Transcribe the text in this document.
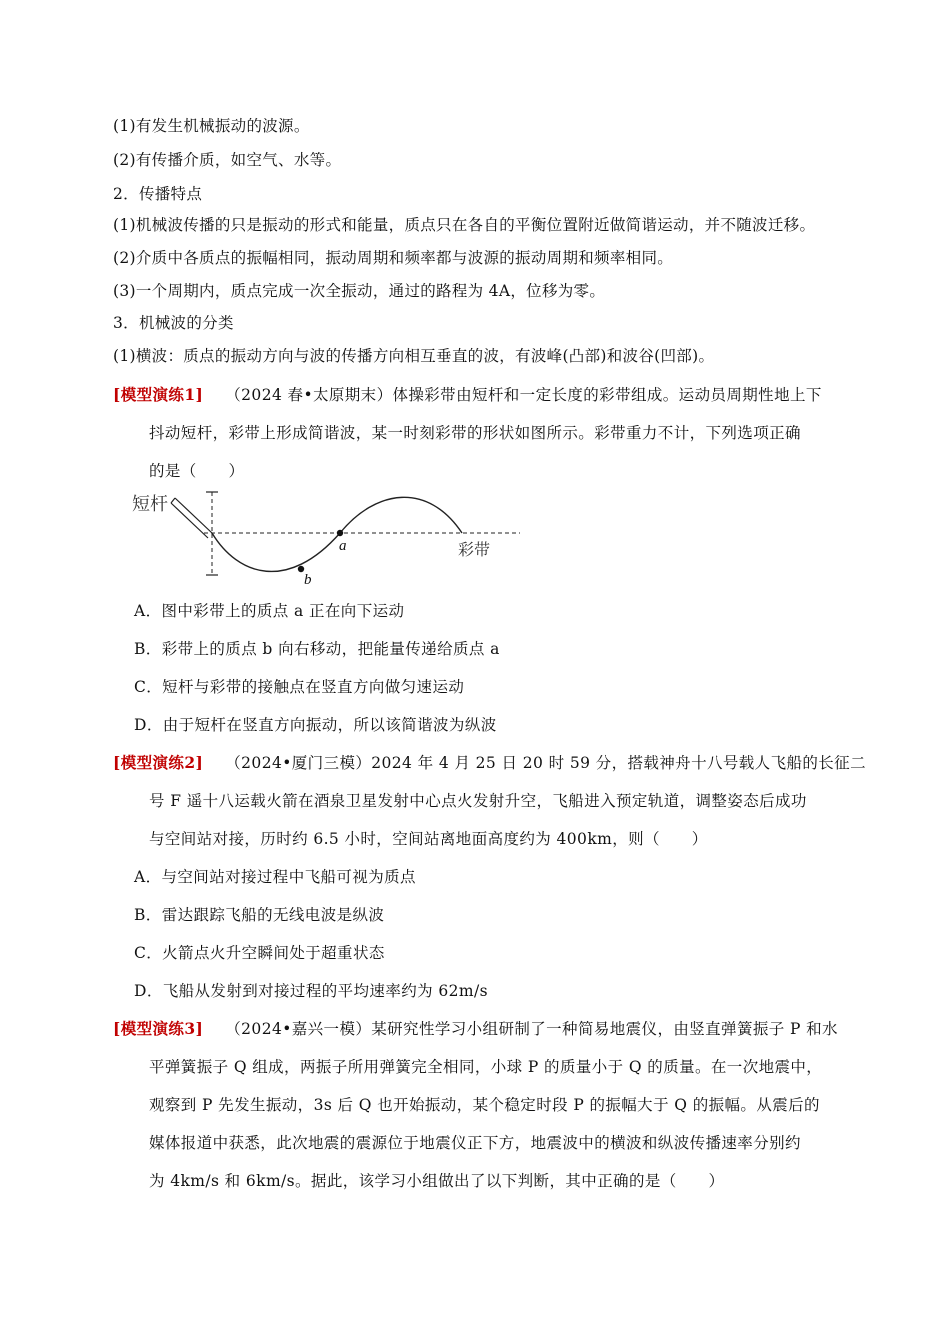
(1)有发生机械振动的波源。
(2)有传播介质，如空气、水等。
2．传播特点
(1)机械波传播的只是振动的形式和能量，质点只在各自的平衡位置附近做简谐运动，并不随波迁移。
(2)介质中各质点的振幅相同，振动周期和频率都与波源的振动周期和频率相同。
(3)一个周期内，质点完成一次全振动，通过的路程为 4A，位移为零。
3．机械波的分类
(1)横波：质点的振动方向与波的传播方向相互垂直的波，有波峰(凸部)和波谷(凹部)。
[模型演练1] （2024 春•太原期末）体操彩带由短杆和一定长度的彩带组成。运动员周期性地上下
抖动短杆，彩带上形成简谐波，某一时刻彩带的形状如图所示。彩带重力不计，下列选项正确
的是（　　）
短杆
彩带
a
b
A．图中彩带上的质点 a 正在向下运动
B．彩带上的质点 b 向右移动，把能量传递给质点 a
C．短杆与彩带的接触点在竖直方向做匀速运动
D．由于短杆在竖直方向振动，所以该简谐波为纵波
[模型演练2] （2024•厦门三模）2024 年 4 月 25 日 20 时 59 分，搭载神舟十八号载人飞船的长征二
号 F 遥十八运载火箭在酒泉卫星发射中心点火发射升空，飞船进入预定轨道，调整姿态后成功
与空间站对接，历时约 6.5 小时，空间站离地面高度约为 400km，则（　　）
A．与空间站对接过程中飞船可视为质点
B．雷达跟踪飞船的无线电波是纵波
C．火箭点火升空瞬间处于超重状态
D．飞船从发射到对接过程的平均速率约为 62m/s
[模型演练3] （2024•嘉兴一模）某研究性学习小组研制了一种简易地震仪，由竖直弹簧振子 P 和水
平弹簧振子 Q 组成，两振子所用弹簧完全相同，小球 P 的质量小于 Q 的质量。在一次地震中，
观察到 P 先发生振动，3s 后 Q 也开始振动，某个稳定时段 P 的振幅大于 Q 的振幅。从震后的
媒体报道中获悉，此次地震的震源位于地震仪正下方，地震波中的横波和纵波传播速率分别约
为 4km/s 和 6km/s。据此，该学习小组做出了以下判断，其中正确的是（　　）
